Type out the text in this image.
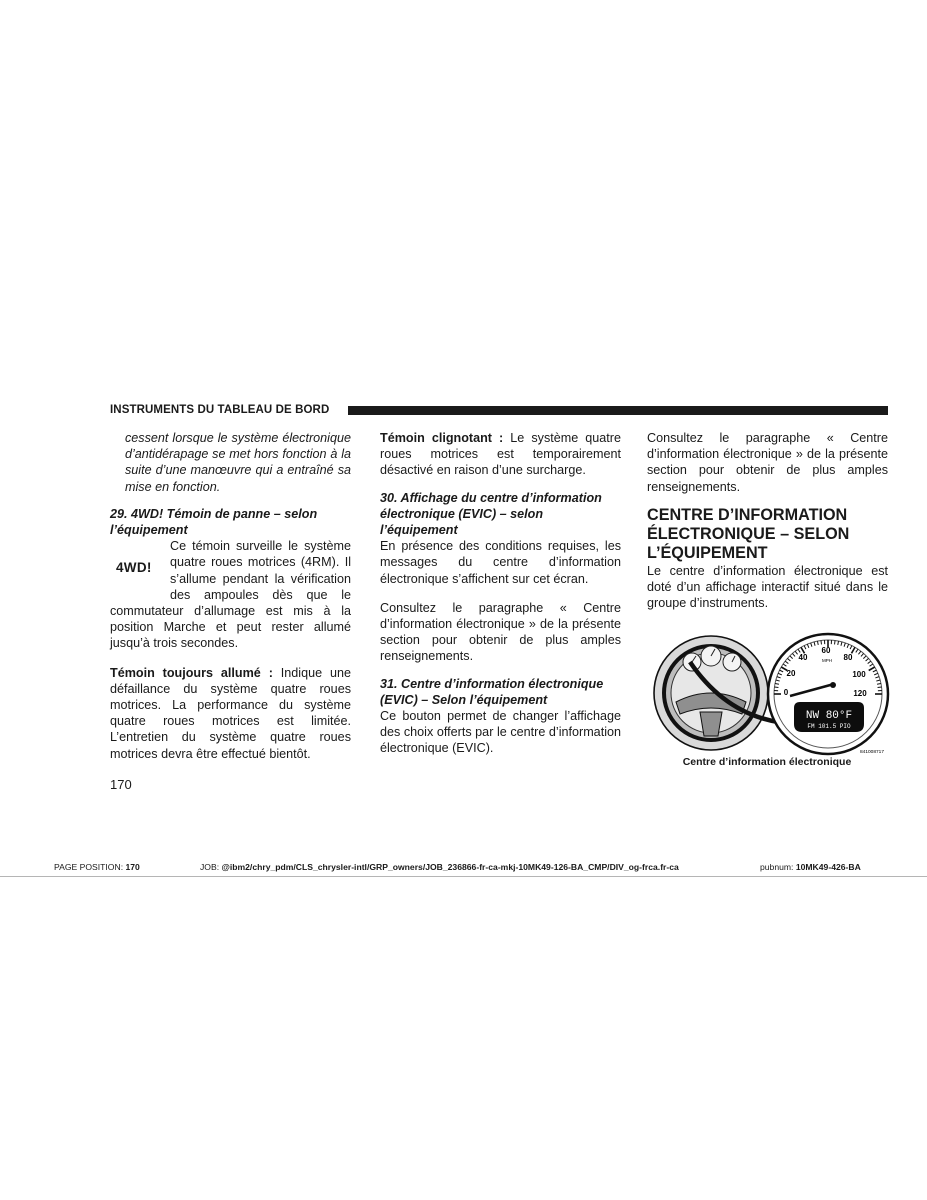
INSTRUMENTS DU TABLEAU DE BORD

cessent lorsque le système électronique d’antidérapage se met hors fonction à la suite d’une manœuvre qui a entraîné sa mise en fonction.

29. 4WD! Témoin de panne – selon l’équipement

4WD!
Ce témoin surveille le système quatre roues motrices (4RM). Il s’allume pendant la vérification des ampoules dès que le commutateur d’allumage est mis à la position Marche et peut rester allumé jusqu’à trois secondes.

Témoin toujours allumé : Indique une défaillance du système quatre roues motrices. La performance du système quatre roues motrices est limitée. L’entretien du système quatre roues motrices devra être effectué bientôt.

Témoin clignotant : Le système quatre roues motrices est temporairement désactivé en raison d’une surcharge.

30. Affichage du centre d’information électronique (EVIC) – selon l’équipement

En présence des conditions requises, les messages du centre d’information électronique s’affichent sur cet écran.

Consultez le paragraphe « Centre d’information électronique » de la présente section pour obtenir de plus amples renseignements.

31. Centre d’information électronique (EVIC) – Selon l’équipement

Ce bouton permet de changer l’affichage des choix offerts par le centre d’information électronique (EVIC).

Consultez le paragraphe « Centre d’information électronique » de la présente section pour obtenir de plus amples renseignements.

CENTRE D’INFORMATION ÉLECTRONIQUE – SELON L’ÉQUIPEMENT

Le centre d’information électronique est doté d’un affichage interactif situé dans le groupe d’instruments.

60
40	80
20	100
0	120
MPH
NW 80°F
FM 101.5 PIO
841008717
Centre d’information électronique
170
PAGE POSITION: 170	JOB: @ibm2/chry_pdm/CLS_chrysler-intl/GRP_owners/JOB_236866-fr-ca-mkj-10MK49-126-BA_CMP/DIV_og-frca.fr-ca	pubnum: 10MK49-426-BA
